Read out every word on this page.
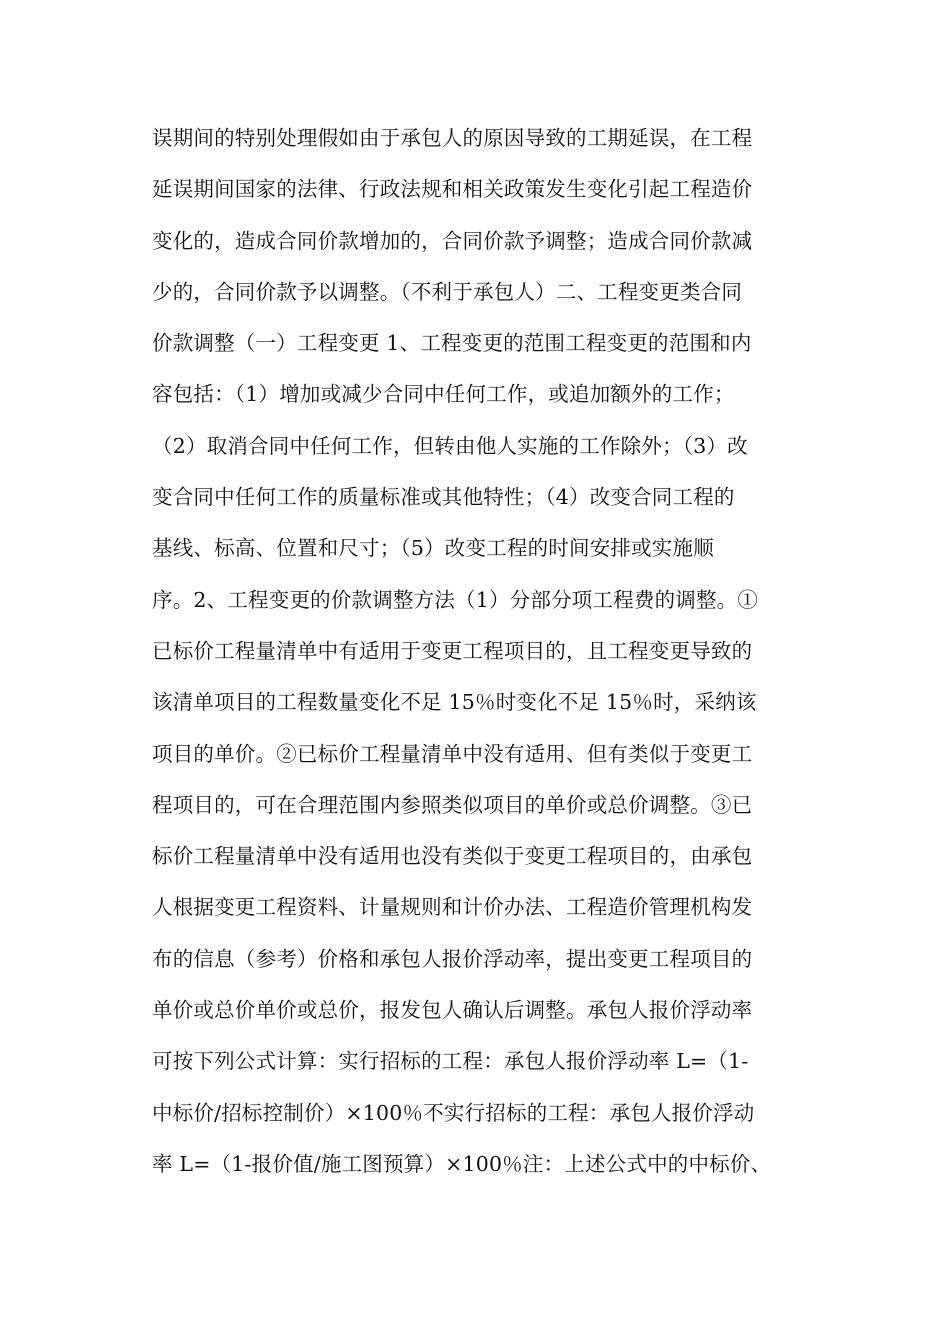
误期间的特别处理假如由于承包人的原因导致的工期延误，在工程
延误期间国家的法律、行政法规和相关政策发生变化引起工程造价
变化的，造成合同价款增加的，合同价款予调整；造成合同价款减
少的，合同价款予以调整。（不利于承包人）二、工程变更类合同
价款调整（一）工程变更 1、工程变更的范围工程变更的范围和内
容包括：（1）增加或减少合同中任何工作，或追加额外的工作；
（2）取消合同中任何工作，但转由他人实施的工作除外；（3）改
变合同中任何工作的质量标准或其他特性；（4）改变合同工程的
基线、标高、位置和尺寸；（5）改变工程的时间安排或实施顺
序。2、工程变更的价款调整方法（1）分部分项工程费的调整。①
已标价工程量清单中有适用于变更工程项目的，且工程变更导致的
该清单项目的工程数量变化不足 15％时变化不足 15％时，采纳该
项目的单价。②已标价工程量清单中没有适用、但有类似于变更工
程项目的，可在合理范围内参照类似项目的单价或总价调整。③已
标价工程量清单中没有适用也没有类似于变更工程项目的，由承包
人根据变更工程资料、计量规则和计价办法、工程造价管理机构发
布的信息（参考）价格和承包人报价浮动率，提出变更工程项目的
单价或总价单价或总价，报发包人确认后调整。承包人报价浮动率
可按下列公式计算：实行招标的工程：承包人报价浮动率 L=（1-
中标价/招标控制价）×100％不实行招标的工程：承包人报价浮动
率 L=（1-报价值/施工图预算）×100％注：上述公式中的中标价、
